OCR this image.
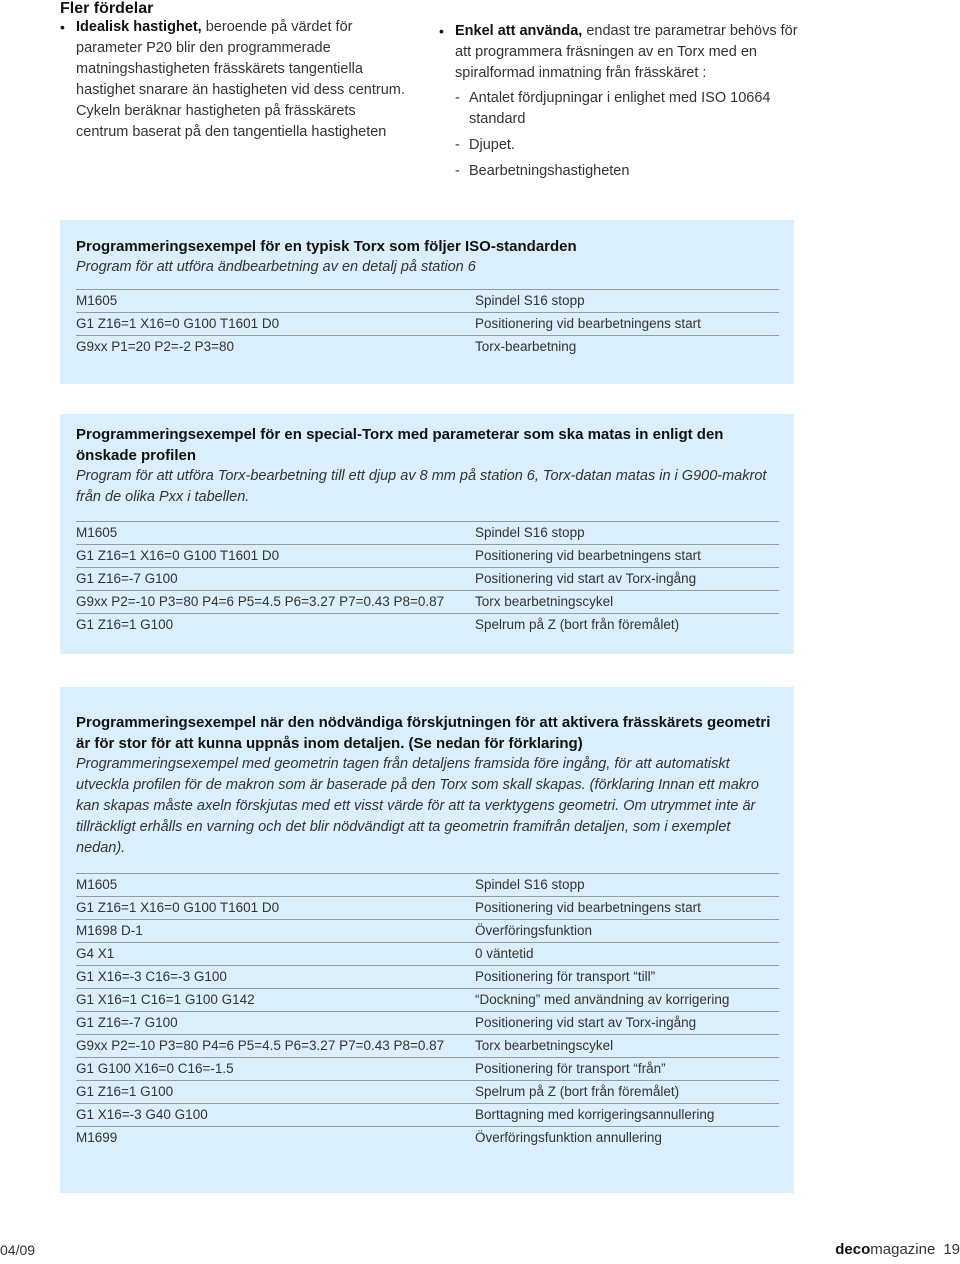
Fler fördelar
• Idealisk hastighet, beroende på värdet för parameter P20 blir den programmerade matningshastigheten frässkärets tangentiella hastighet snarare än hastigheten vid dess centrum. Cykeln beräknar hastigheten på frässkärets centrum baserat på den tangentiella hastigheten
• Enkel att använda, endast tre parametrar behövs för att programmera fräsningen av en Torx med en spiralformad inmatning från frässkäret :
- Antalet fördjupningar i enlighet med ISO 10664 standard
- Djupet.
- Bearbetningshastigheten
Programmeringsexempel för en typisk Torx som följer ISO-standarden
Program för att utföra ändbearbetning av en detalj på station 6
M1605	Spindel S16 stopp
G1 Z16=1 X16=0 G100 T1601 D0	Positionering vid bearbetningens start
G9xx P1=20 P2=-2 P3=80	Torx-bearbetning
Programmeringsexempel för en special-Torx med parameterar som ska matas in enligt den önskade profilen
Program för att utföra Torx-bearbetning till ett djup av 8 mm på station 6, Torx-datan matas in i G900-makrot från de olika Pxx i tabellen.
M1605	Spindel S16 stopp
G1 Z16=1 X16=0 G100 T1601 D0	Positionering vid bearbetningens start
G1 Z16=-7 G100	Positionering vid start av Torx-ingång
G9xx P2=-10 P3=80 P4=6 P5=4.5 P6=3.27 P7=0.43 P8=0.87	Torx bearbetningscykel
G1 Z16=1 G100	Spelrum på Z (bort från föremålet)
Programmeringsexempel när den nödvändiga förskjutningen för att aktivera frässkärets geometri är för stor för att kunna uppnås inom detaljen. (Se nedan för förklaring)
Programmeringsexempel med geometrin tagen från detaljens framsida före ingång, för att automatiskt utveckla profilen för de makron som är baserade på den Torx som skall skapas. (förklaring Innan ett makro kan skapas måste axeln förskjutas med ett visst värde för att ta verktygens geometri. Om utrymmet inte är tillräckligt erhålls en varning och det blir nödvändigt att ta geometrin framifrån detaljen, som i exemplet nedan).
M1605	Spindel S16 stopp
G1 Z16=1 X16=0 G100 T1601 D0	Positionering vid bearbetningens start
M1698 D-1	Överföringsfunktion
G4 X1	0 väntetid
G1 X16=-3 C16=-3 G100	Positionering för transport “till”
G1 X16=1 C16=1 G100 G142	“Dockning” med användning av korrigering
G1 Z16=-7 G100	Positionering vid start av Torx-ingång
G9xx P2=-10 P3=80 P4=6 P5=4.5 P6=3.27 P7=0.43 P8=0.87	Torx bearbetningscykel
G1 G100 X16=0 C16=-1.5	Positionering för transport “från”
G1 Z16=1 G100	Spelrum på Z (bort från föremålet)
G1 X16=-3 G40 G100	Borttagning med korrigeringsannullering
M1699	Överföringsfunktion annullering
04/09	decomagazine 19
